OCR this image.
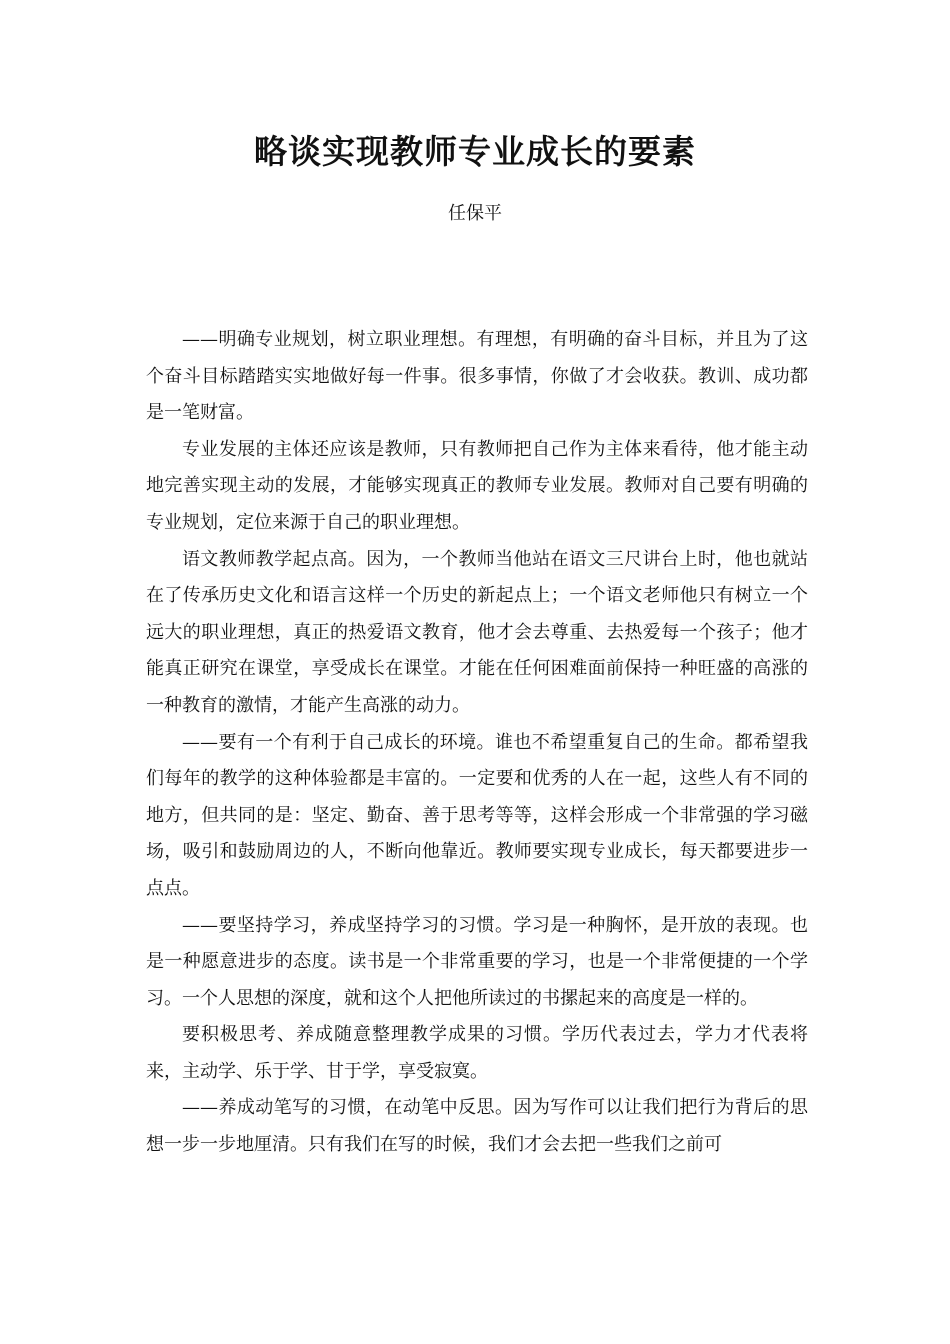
略谈实现教师专业成长的要素
任保平

——明确专业规划，树立职业理想。有理想，有明确的奋斗目标，并且为了这个奋斗目标踏踏实实地做好每一件事。很多事情，你做了才会收获。教训、成功都是一笔财富。

专业发展的主体还应该是教师，只有教师把自己作为主体来看待，他才能主动地完善实现主动的发展，才能够实现真正的教师专业发展。教师对自己要有明确的专业规划，定位来源于自己的职业理想。

语文教师教学起点高。因为，一个教师当他站在语文三尺讲台上时，他也就站在了传承历史文化和语言这样一个历史的新起点上；一个语文老师他只有树立一个远大的职业理想，真正的热爱语文教育，他才会去尊重、去热爱每一个孩子；他才能真正研究在课堂，享受成长在课堂。才能在任何困难面前保持一种旺盛的高涨的一种教育的激情，才能产生高涨的动力。

——要有一个有利于自己成长的环境。谁也不希望重复自己的生命。都希望我们每年的教学的这种体验都是丰富的。一定要和优秀的人在一起，这些人有不同的地方，但共同的是：坚定、勤奋、善于思考等等，这样会形成一个非常强的学习磁场，吸引和鼓励周边的人，不断向他靠近。教师要实现专业成长，每天都要进步一点点。

——要坚持学习，养成坚持学习的习惯。学习是一种胸怀，是开放的表现。也是一种愿意进步的态度。读书是一个非常重要的学习，也是一个非常便捷的一个学习。一个人思想的深度，就和这个人把他所读过的书摞起来的高度是一样的。

要积极思考、养成随意整理教学成果的习惯。学历代表过去，学力才代表将来，主动学、乐于学、甘于学，享受寂寞。

——养成动笔写的习惯，在动笔中反思。因为写作可以让我们把行为背后的思想一步一步地厘清。只有我们在写的时候，我们才会去把一些我们之前可
